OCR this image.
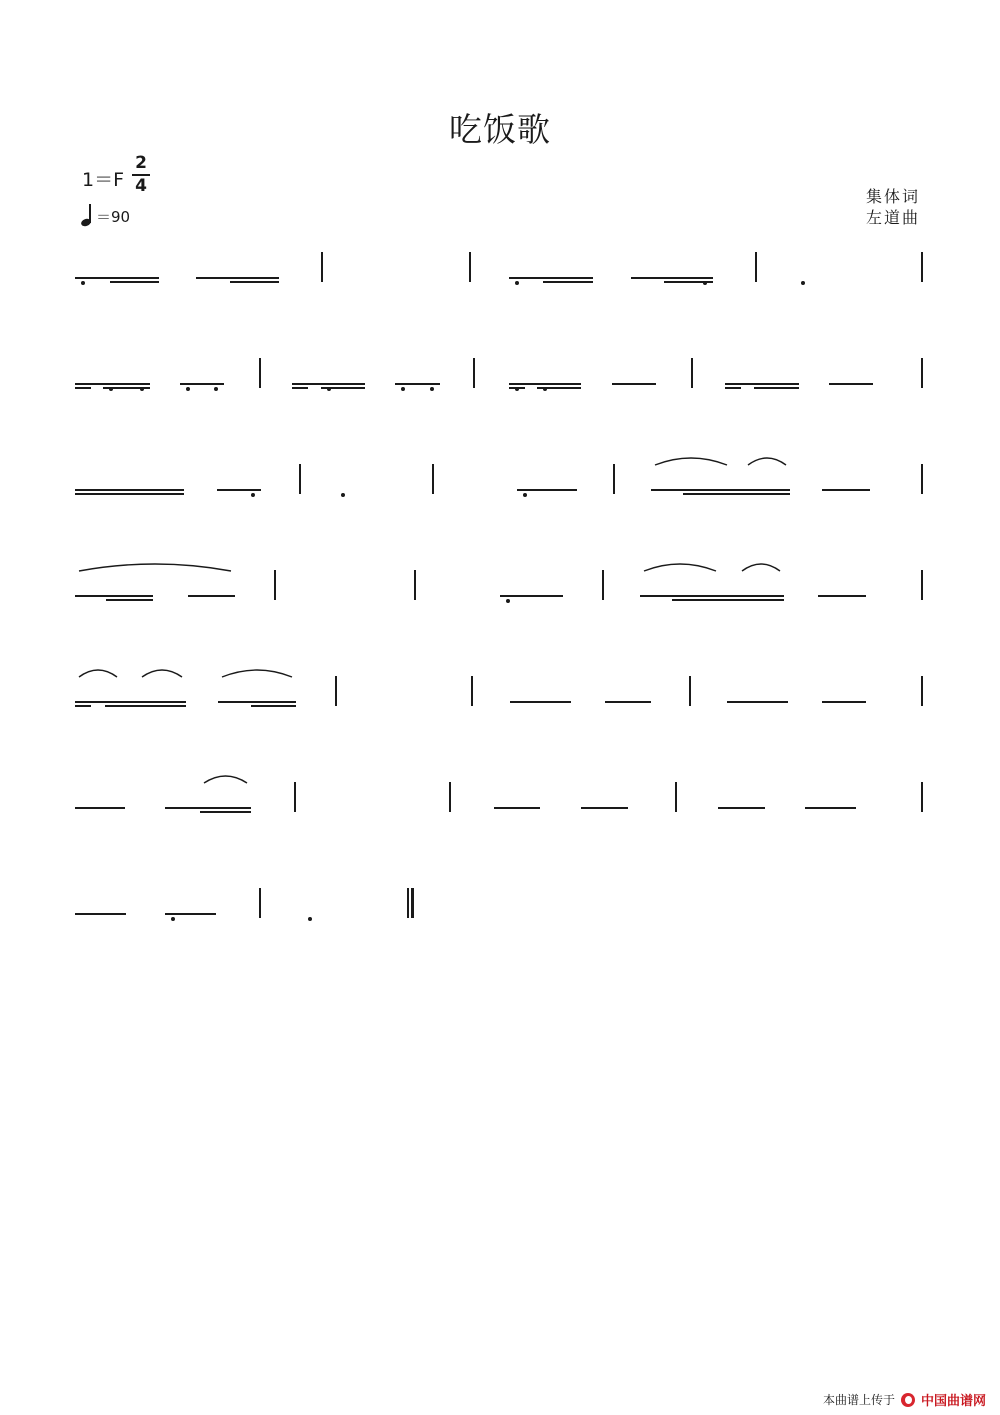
吃饭歌
1＝F
2
4
＝90
集体词
左道曲
本曲谱上传于 中国曲谱网
